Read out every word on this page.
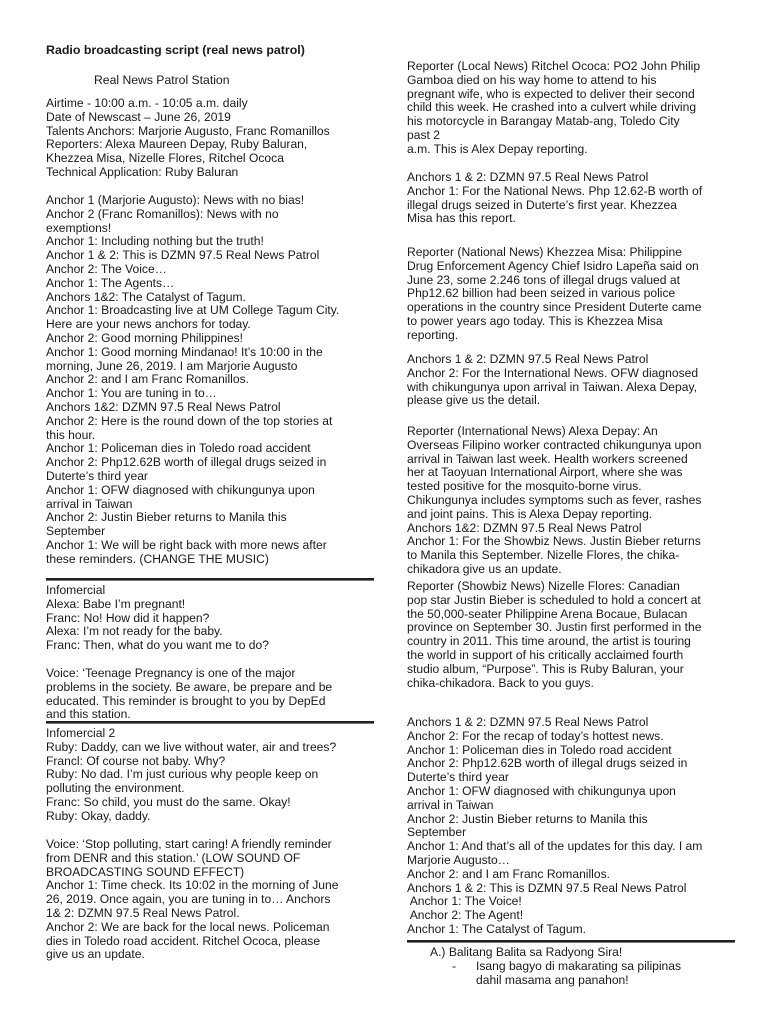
Radio broadcasting script (real news patrol)
Real News Patrol Station
Airtime - 10:00 a.m. - 10:05 a.m. daily
Date of Newscast – June 26, 2019
Talents Anchors: Marjorie Augusto, Franc Romanillos
Reporters: Alexa Maureen Depay, Ruby Baluran,
Khezzea Misa, Nizelle Flores, Ritchel Ococa
Technical Application: Ruby Baluran
Anchor 1 (Marjorie Augusto): News with no bias!
Anchor 2 (Franc Romanillos): News with no
exemptions!
Anchor 1: Including nothing but the truth!
Anchor 1 & 2: This is DZMN 97.5 Real News Patrol
Anchor 2: The Voice…
Anchor 1: The Agents…
Anchors 1&2: The Catalyst of Tagum.
Anchor 1: Broadcasting live at UM College Tagum City.
Here are your news anchors for today.
Anchor 2: Good morning Philippines!
Anchor 1: Good morning Mindanao! It’s 10:00 in the
morning, June 26, 2019. I am Marjorie Augusto
Anchor 2: and I am Franc Romanillos.
Anchor 1: You are tuning in to…
Anchors 1&2: DZMN 97.5 Real News Patrol
Anchor 2: Here is the round down of the top stories at
this hour.
Anchor 1: Policeman dies in Toledo road accident
Anchor 2: Php12.62B worth of illegal drugs seized in
Duterte’s third year
Anchor 1: OFW diagnosed with chikungunya upon
arrival in Taiwan
Anchor 2: Justin Bieber returns to Manila this
September
Anchor 1: We will be right back with more news after
these reminders. (CHANGE THE MUSIC)
Infomercial
Alexa: Babe I’m pregnant!
Franc: No! How did it happen?
Alexa: I’m not ready for the baby.
Franc: Then, what do you want me to do?
Voice: ‘Teenage Pregnancy is one of the major
problems in the society. Be aware, be prepare and be
educated. This reminder is brought to you by DepEd
and this station.
Infomercial 2
Ruby: Daddy, can we live without water, air and trees?
Francl: Of course not baby. Why?
Ruby: No dad. I’m just curious why people keep on
polluting the environment.
Franc: So child, you must do the same. Okay!
Ruby: Okay, daddy.
Voice: ‘Stop polluting, start caring! A friendly reminder
from DENR and this station.’ (LOW SOUND OF
BROADCASTING SOUND EFFECT)
Anchor 1: Time check. Its 10:02 in the morning of June
26, 2019. Once again, you are tuning in to… Anchors
1& 2: DZMN 97.5 Real News Patrol.
Anchor 2: We are back for the local news. Policeman
dies in Toledo road accident. Ritchel Ococa, please
give us an update.
Reporter (Local News) Ritchel Ococa: PO2 John Philip
Gamboa died on his way home to attend to his
pregnant wife, who is expected to deliver their second
child this week. He crashed into a culvert while driving
his motorcycle in Barangay Matab-ang, Toledo City
past 2
a.m. This is Alex Depay reporting.
Anchors 1 & 2: DZMN 97.5 Real News Patrol
Anchor 1: For the National News. Php 12.62-B worth of
illegal drugs seized in Duterte’s first year. Khezzea
Misa has this report.
Reporter (National News) Khezzea Misa: Philippine
Drug Enforcement Agency Chief Isidro Lapeña said on
June 23, some 2.246 tons of illegal drugs valued at
Php12.62 billion had been seized in various police
operations in the country since President Duterte came
to power years ago today. This is Khezzea Misa
reporting.
Anchors 1 & 2: DZMN 97.5 Real News Patrol
Anchor 2: For the International News. OFW diagnosed
with chikungunya upon arrival in Taiwan. Alexa Depay,
please give us the detail.
Reporter (International News) Alexa Depay: An
Overseas Filipino worker contracted chikungunya upon
arrival in Taiwan last week. Health workers screened
her at Taoyuan International Airport, where she was
tested positive for the mosquito-borne virus.
Chikungunya includes symptoms such as fever, rashes
and joint pains. This is Alexa Depay reporting.
Anchors 1&2: DZMN 97.5 Real News Patrol
Anchor 1: For the Showbiz News. Justin Bieber returns
to Manila this September. Nizelle Flores, the chika-
chikadora give us an update.
Reporter (Showbiz News) Nizelle Flores: Canadian
pop star Justin Bieber is scheduled to hold a concert at
the 50,000-seater Philippine Arena Bocaue, Bulacan
province on September 30. Justin first performed in the
country in 2011. This time around, the artist is touring
the world in support of his critically acclaimed fourth
studio album, “Purpose”. This is Ruby Baluran, your
chika-chikadora. Back to you guys.
Anchors 1 & 2: DZMN 97.5 Real News Patrol
Anchor 2: For the recap of today’s hottest news.
Anchor 1: Policeman dies in Toledo road accident
Anchor 2: Php12.62B worth of illegal drugs seized in
Duterte’s third year
Anchor 1: OFW diagnosed with chikungunya upon
arrival in Taiwan
Anchor 2: Justin Bieber returns to Manila this
September
Anchor 1: And that’s all of the updates for this day. I am
Marjorie Augusto…
Anchor 2: and I am Franc Romanillos.
Anchors 1 & 2: This is DZMN 97.5 Real News Patrol
Anchor 1: The Voice!
Anchor 2: The Agent!
Anchor 1: The Catalyst of Tagum.
A.) Balitang Balita sa Radyong Sira!
- Isang bagyo di makarating sa pilipinas
dahil masama ang panahon!
